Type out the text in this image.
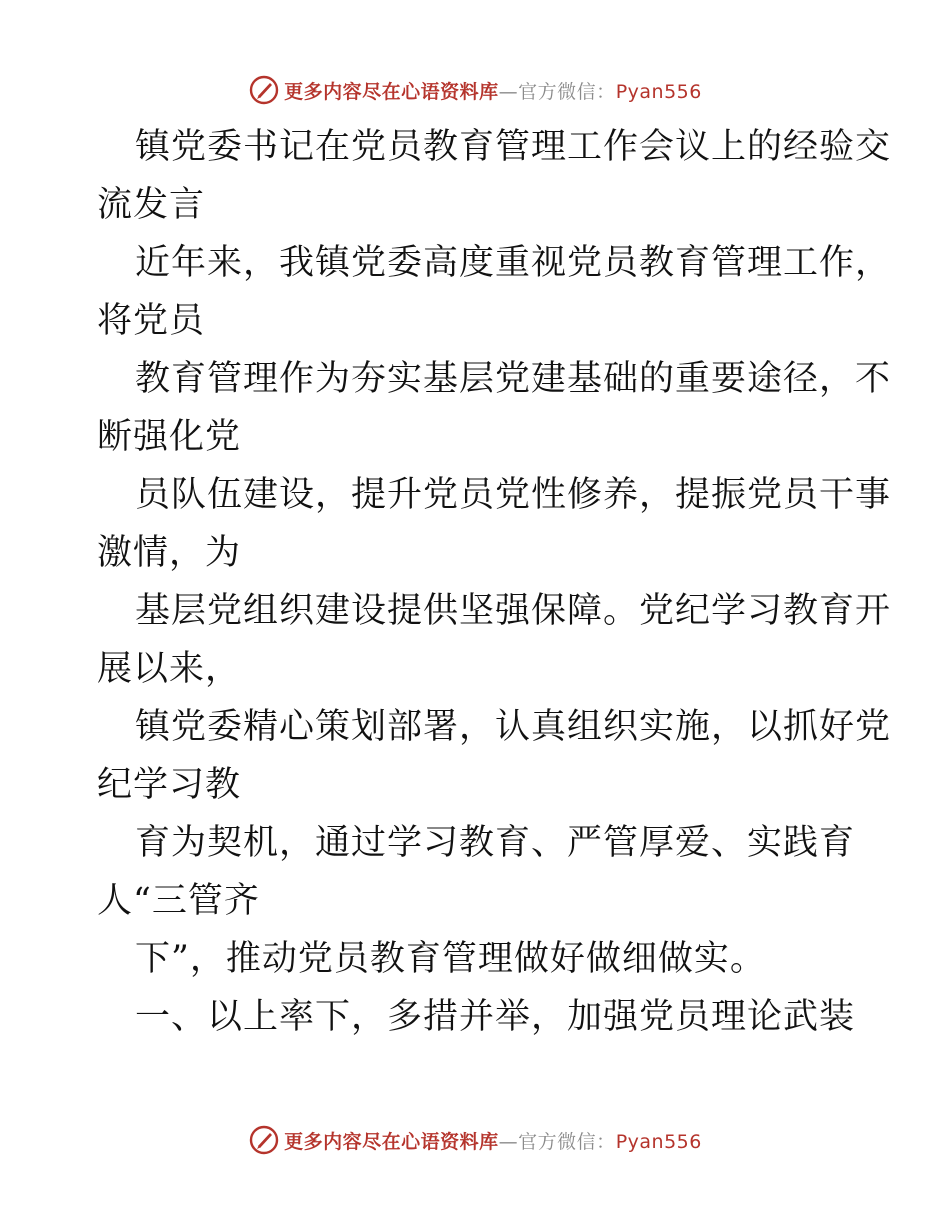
更多内容尽在心语资料库—官方微信：Pyan556
镇党委书记在党员教育管理工作会议上的经验交
流发言
近年来，我镇党委高度重视党员教育管理工作，
将党员
教育管理作为夯实基层党建基础的重要途径，不
断强化党
员队伍建设，提升党员党性修养，提振党员干事
激情，为
基层党组织建设提供坚强保障。党纪学习教育开
展以来，
镇党委精心策划部署，认真组织实施，以抓好党
纪学习教
育为契机，通过学习教育、严管厚爱、实践育
人“三管齐
下”，推动党员教育管理做好做细做实。
一、以上率下，多措并举，加强党员理论武装
更多内容尽在心语资料库—官方微信：Pyan556
